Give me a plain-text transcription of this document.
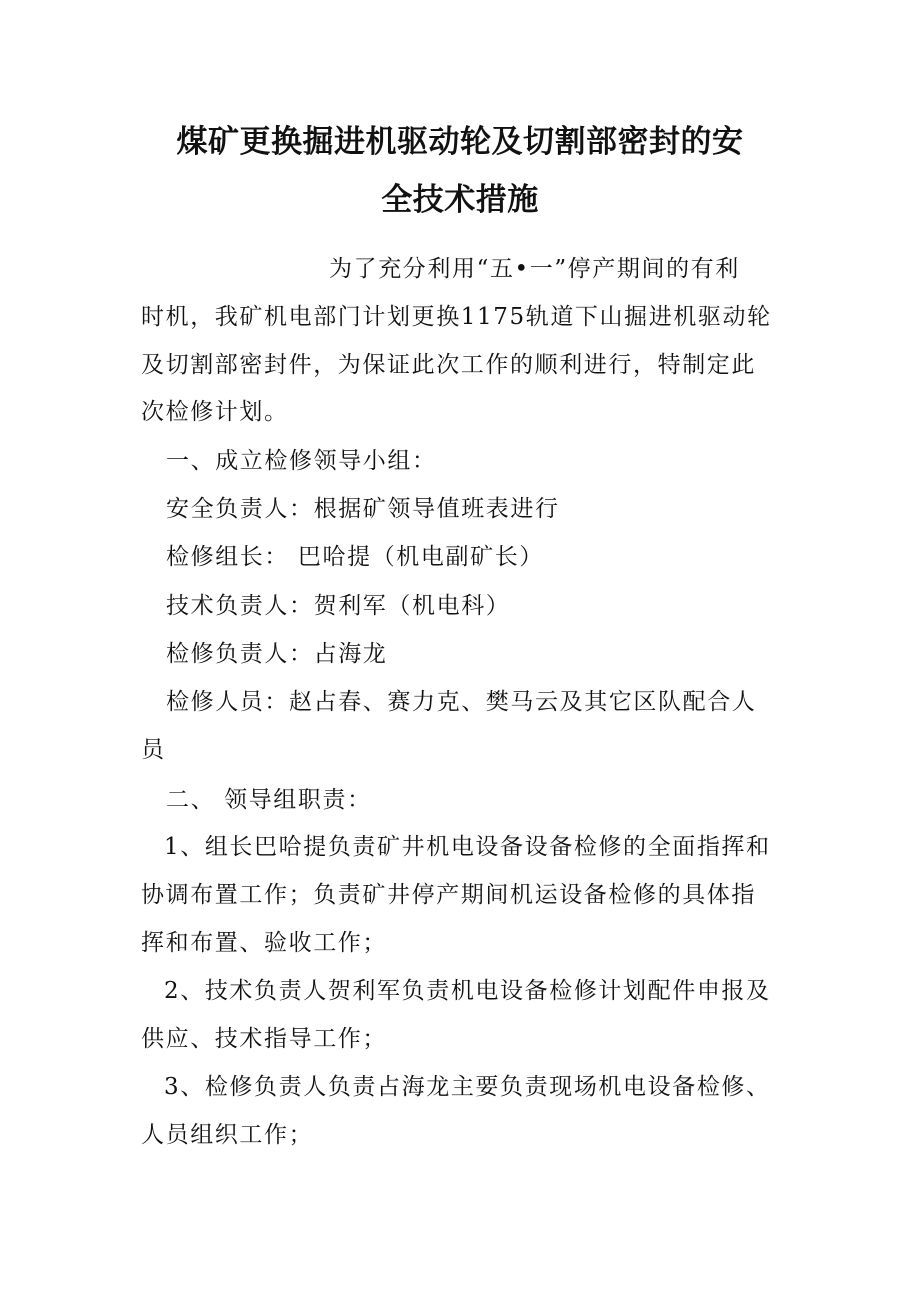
煤矿更换掘进机驱动轮及切割部密封的安
全技术措施
为了充分利用“五•一”停产期间的有利
时机，我矿机电部门计划更换1175轨道下山掘进机驱动轮
及切割部密封件，为保证此次工作的顺利进行，特制定此
次检修计划。
一、成立检修领导小组：
安全负责人：根据矿领导值班表进行
检修组长： 巴哈提（机电副矿长）
技术负责人：贺利军（机电科）
检修负责人：占海龙
检修人员：赵占春、赛力克、樊马云及其它区队配合人
员
二、 领导组职责：
1、组长巴哈提负责矿井机电设备设备检修的全面指挥和
协调布置工作；负责矿井停产期间机运设备检修的具体指
挥和布置、验收工作；
2、技术负责人贺利军负责机电设备检修计划配件申报及
供应、技术指导工作；
3、检修负责人负责占海龙主要负责现场机电设备检修、
人员组织工作；
